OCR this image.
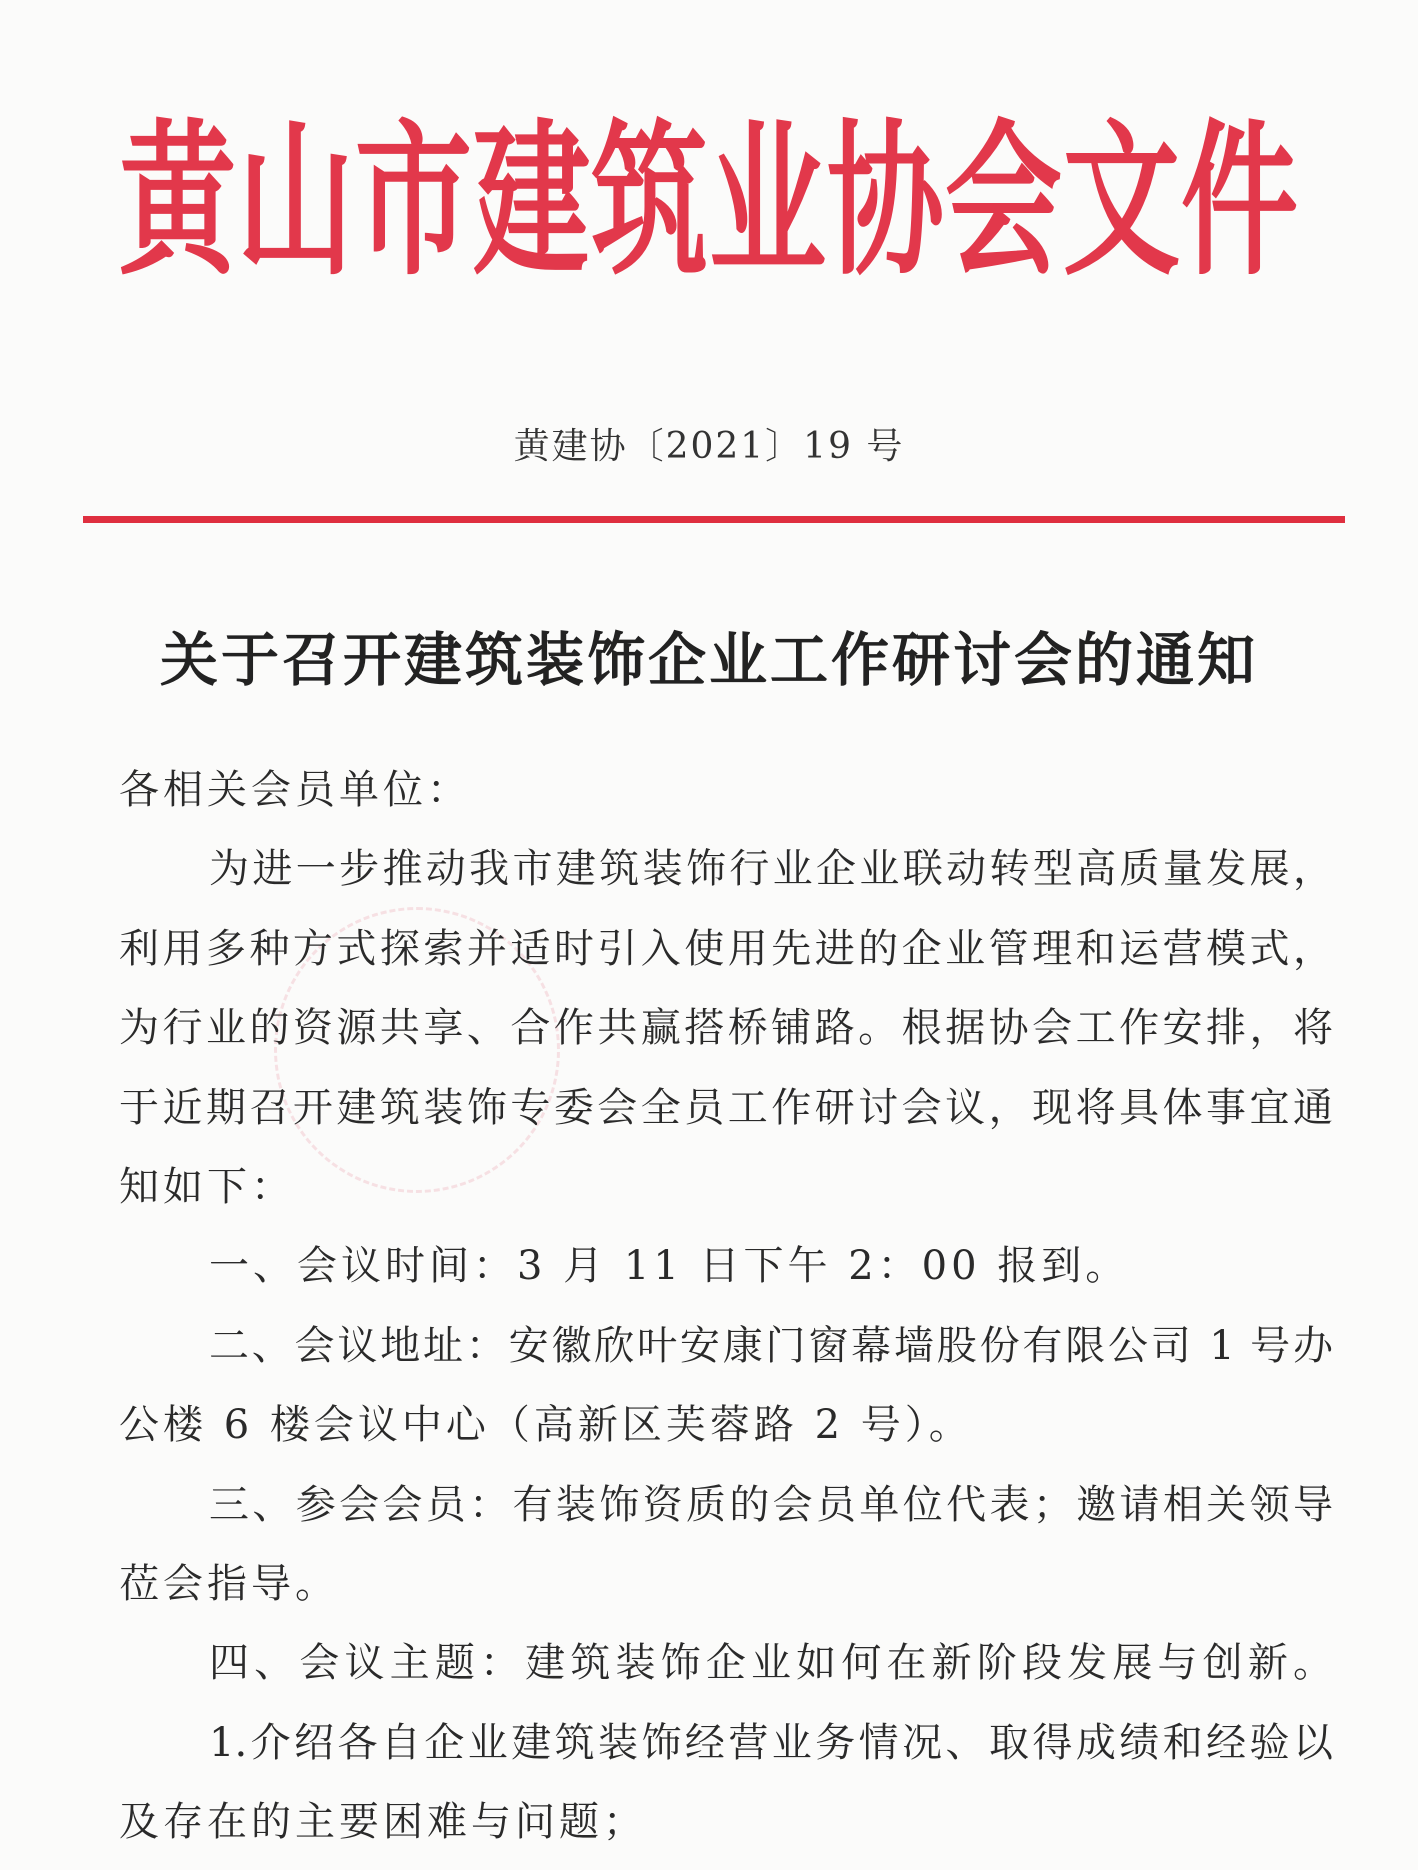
黄山市建筑业协会文件
黄建协〔2021〕19 号
关于召开建筑装饰企业工作研讨会的通知
各相关会员单位：
为进一步推动我市建筑装饰行业企业联动转型高质量发展，
利用多种方式探索并适时引入使用先进的企业管理和运营模式，
为行业的资源共享、合作共赢搭桥铺路。根据协会工作安排，将
于近期召开建筑装饰专委会全员工作研讨会议，现将具体事宜通
知如下：
一、会议时间：3 月 11 日下午 2：00 报到。
二、会议地址：安徽欣叶安康门窗幕墙股份有限公司 1 号办
公楼 6 楼会议中心（高新区芙蓉路 2 号）。
三、参会会员：有装饰资质的会员单位代表；邀请相关领导
莅会指导。
四、会议主题：建筑装饰企业如何在新阶段发展与创新。
1.介绍各自企业建筑装饰经营业务情况、取得成绩和经验以
及存在的主要困难与问题；
